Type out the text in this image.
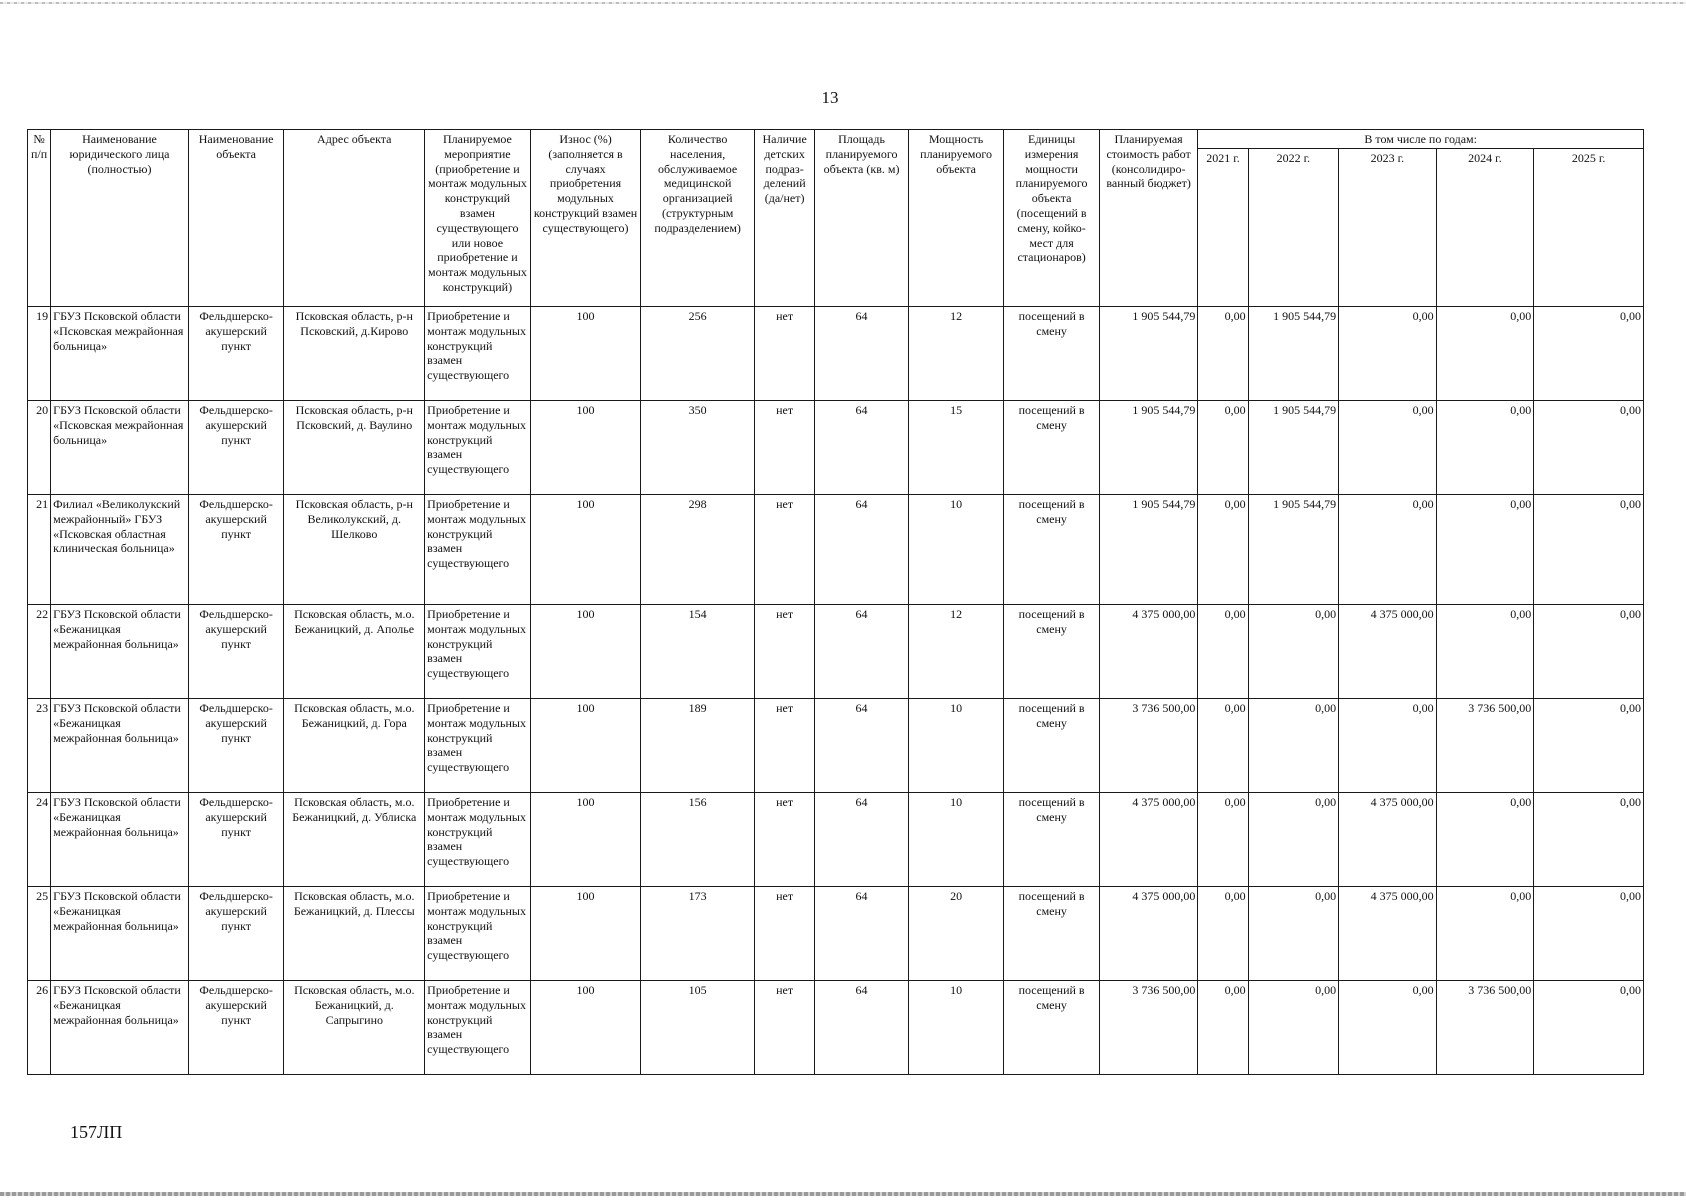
13
№ п/п	Наименование юридического лица (полностью)	Наименование объекта	Адрес объекта	Планируемое мероприятие (приобретение и монтаж модульных конструкций взамен существующего или новое приобретение и монтаж модульных конструкций)	Износ (%) (заполняется в случаях приобретения модульных конструкций взамен существующего)	Количество населения, обслуживаемое медицинской организацией (структурным подразделением)	Наличие детских подраз-делений (да/нет)	Площадь планируемого объекта (кв. м)	Мощность планируемого объекта	Единицы измерения мощности планируемого объекта (посещений в смену, койко-мест для стационаров)	Планируемая стоимость работ (консолидиро-ванный бюджет)	В том числе по годам:				
												2021 г.	2022 г.	2023 г.	2024 г.	2025 г.
19	ГБУЗ Псковской области «Псковская межрайонная больница»	Фельдшерско-акушерский пункт	Псковская область, р-н Псковский, д.Кирово	Приобретение и монтаж модульных конструкций взамен существующего	100	256	нет	64	12	посещений в смену	1 905 544,79	0,00	1 905 544,79	0,00	0,00	0,00
20	ГБУЗ Псковской области «Псковская межрайонная больница»	Фельдшерско-акушерский пункт	Псковская область, р-н Псковский, д. Ваулино	Приобретение и монтаж модульных конструкций взамен существующего	100	350	нет	64	15	посещений в смену	1 905 544,79	0,00	1 905 544,79	0,00	0,00	0,00
21	Филиал «Великолукский межрайонный» ГБУЗ «Псковская областная клиническая больница»	Фельдшерско-акушерский пункт	Псковская область, р-н Великолукский, д. Шелково	Приобретение и монтаж модульных конструкций взамен существующего	100	298	нет	64	10	посещений в смену	1 905 544,79	0,00	1 905 544,79	0,00	0,00	0,00
22	ГБУЗ Псковской области «Бежаницкая межрайонная больница»	Фельдшерско-акушерский пункт	Псковская область, м.о. Бежаницкий, д. Аполье	Приобретение и монтаж модульных конструкций взамен существующего	100	154	нет	64	12	посещений в смену	4 375 000,00	0,00	0,00	4 375 000,00	0,00	0,00
23	ГБУЗ Псковской области «Бежаницкая межрайонная больница»	Фельдшерско-акушерский пункт	Псковская область, м.о. Бежаницкий, д. Гора	Приобретение и монтаж модульных конструкций взамен существующего	100	189	нет	64	10	посещений в смену	3 736 500,00	0,00	0,00	0,00	3 736 500,00	0,00
24	ГБУЗ Псковской области «Бежаницкая межрайонная больница»	Фельдшерско-акушерский пункт	Псковская область, м.о. Бежаницкий, д. Ублиска	Приобретение и монтаж модульных конструкций взамен существующего	100	156	нет	64	10	посещений в смену	4 375 000,00	0,00	0,00	4 375 000,00	0,00	0,00
25	ГБУЗ Псковской области «Бежаницкая межрайонная больница»	Фельдшерско-акушерский пункт	Псковская область, м.о. Бежаницкий, д. Плессы	Приобретение и монтаж модульных конструкций взамен существующего	100	173	нет	64	20	посещений в смену	4 375 000,00	0,00	0,00	4 375 000,00	0,00	0,00
26	ГБУЗ Псковской области «Бежаницкая межрайонная больница»	Фельдшерско-акушерский пункт	Псковская область, м.о. Бежаницкий, д. Сапрыгино	Приобретение и монтаж модульных конструкций взамен существующего	100	105	нет	64	10	посещений в смену	3 736 500,00	0,00	0,00	0,00	3 736 500,00	0,00
157ЛП
